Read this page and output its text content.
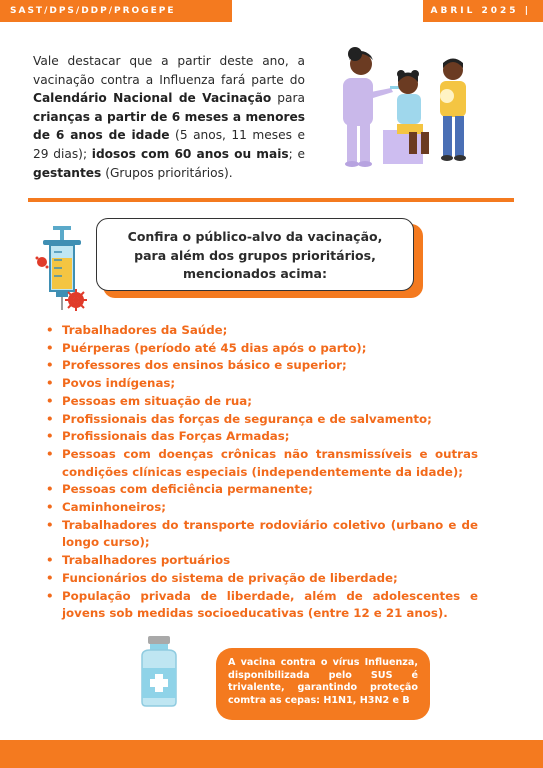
SAST/DPS/DDP/PROGEPE	ABRIL 2025 |
Vale destacar que a partir deste ano, a vacinação contra a Influenza fará parte do Calendário Nacional de Vacinação para crianças a partir de 6 meses a menores de 6 anos de idade (5 anos, 11 meses e 29 dias); idosos com 60 anos ou mais; e gestantes (Grupos prioritários).
Confira o público-alvo da vacinação,
para além dos grupos prioritários,
mencionados acima:
• Trabalhadores da Saúde;
• Puérperas (período até 45 dias após o parto);
• Professores dos ensinos básico e superior;
• Povos indígenas;
• Pessoas em situação de rua;
• Profissionais das forças de segurança e de salvamento;
• Profissionais das Forças Armadas;
• Pessoas com doenças crônicas não transmissíveis e outras condições clínicas especiais (independentemente da idade);
• Pessoas com deficiência permanente;
• Caminhoneiros;
• Trabalhadores do transporte rodoviário coletivo (urbano e de longo curso);
• Trabalhadores portuários
• Funcionários do sistema de privação de liberdade;
• População privada de liberdade, além de adolescentes e jovens sob medidas socioeducativas (entre 12 e 21 anos).
A vacina contra o vírus Influenza, disponibilizada pelo SUS é trivalente, garantindo proteção comtra as cepas: H1N1, H3N2 e B
